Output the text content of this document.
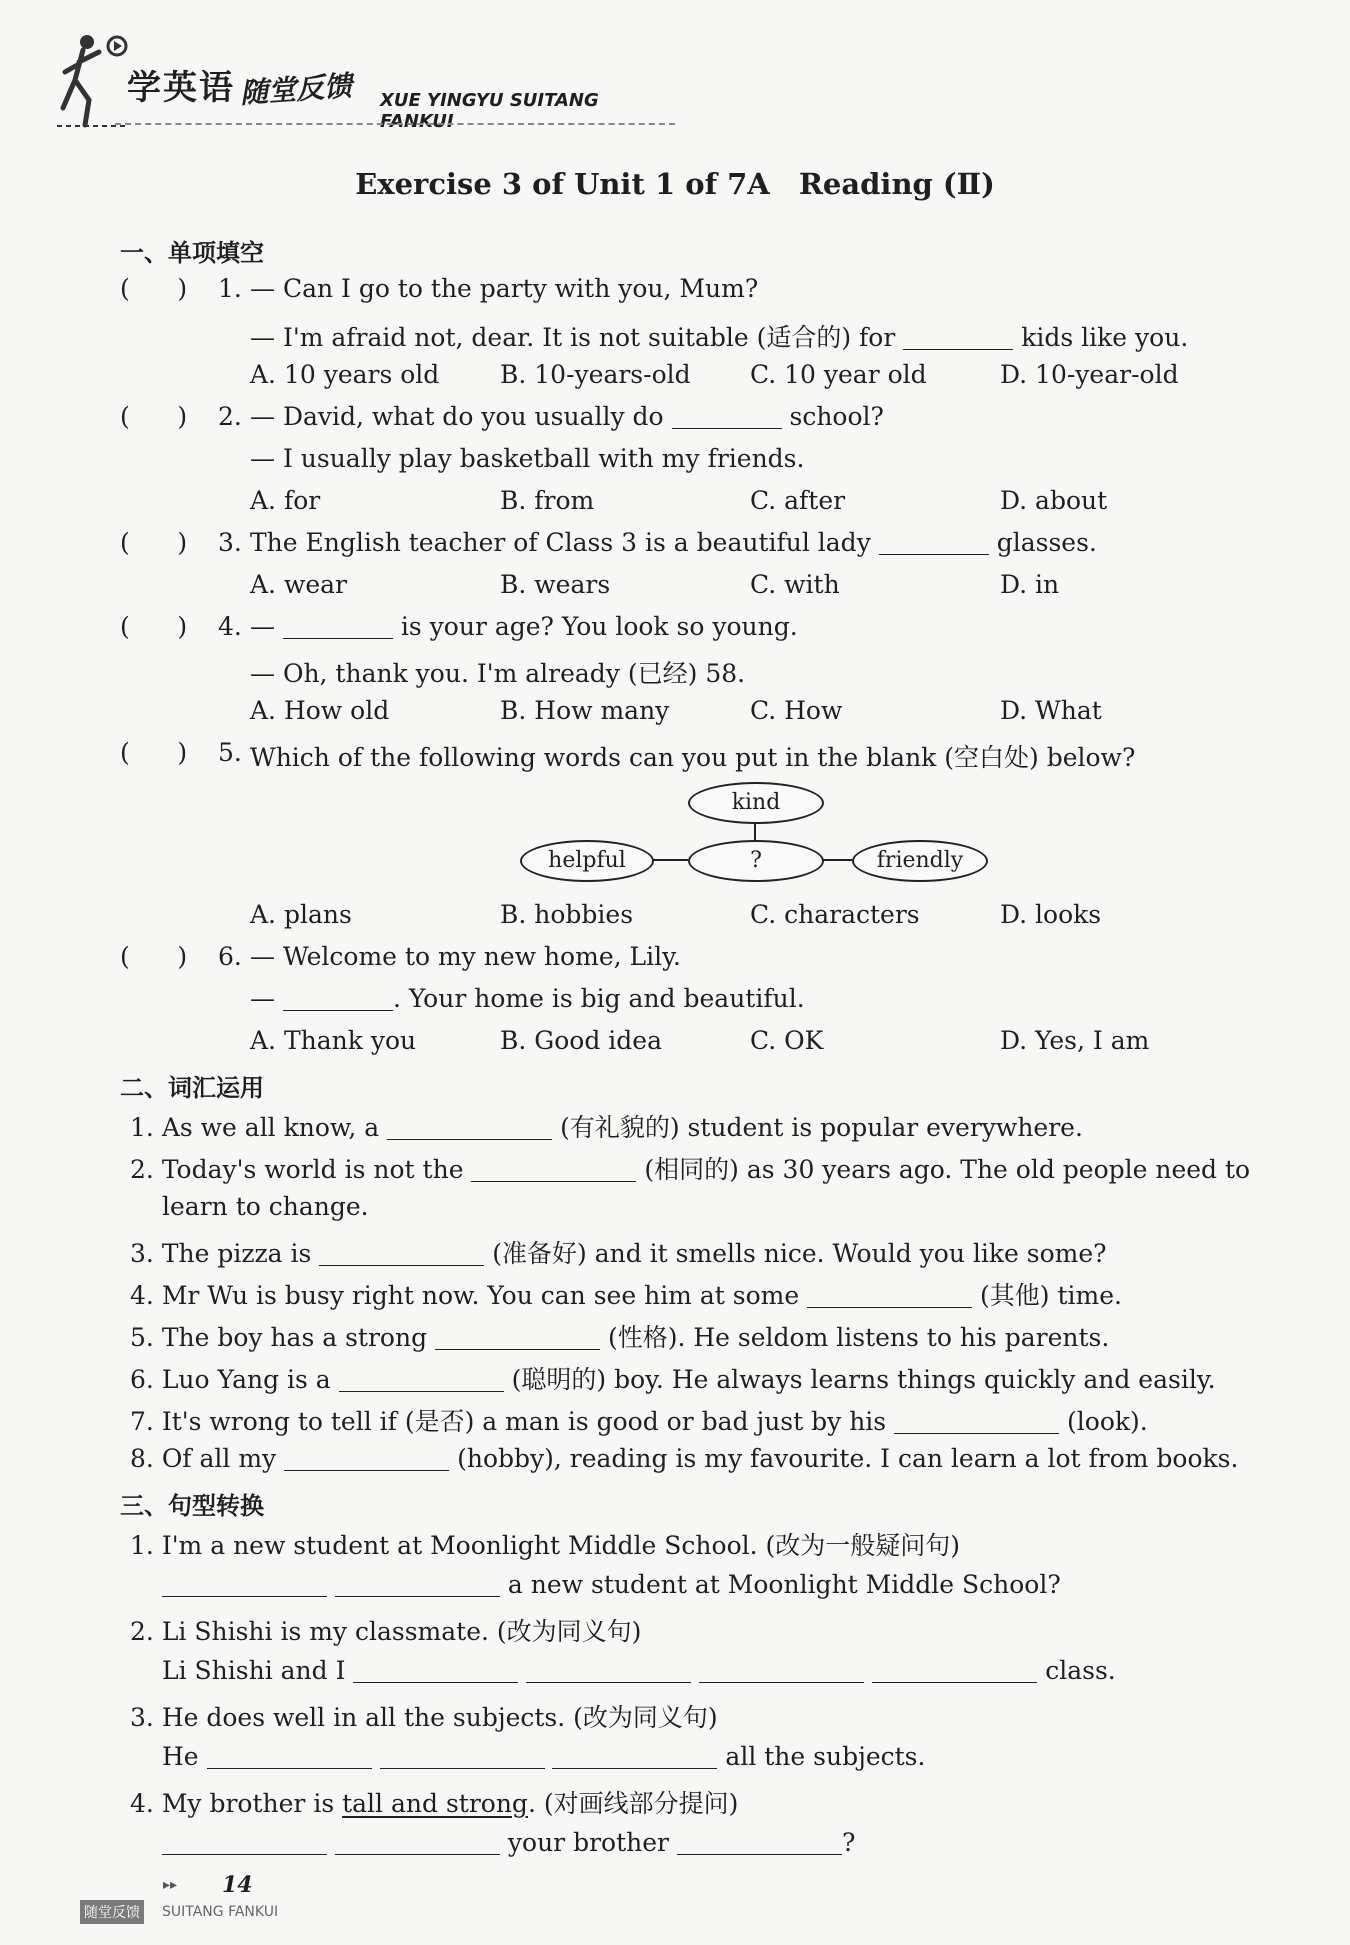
学英语 随堂反馈 XUE YINGYU SUITANG FANKUI
Exercise 3 of Unit 1 of 7A　Reading (Ⅱ)
一、单项填空
(      ) 1. — Can I go to the party with you, Mum?
— I'm afraid not, dear. It is not suitable (适合的) for	kids like you.
A. 10 years old B. 10-years-old C. 10 year old	D. 10-year-old
(      ) 2. — David, what do you usually do	school?
— I usually play basketball with my friends.
A. for	B. from	C. after	D. about
(      ) 3. The English teacher of Class 3 is a beautiful lady	glasses.
A. wear	B. wears	C. with	D. in
(      ) 4. —	is your age? You look so young.
— Oh, thank you. I'm already (已经) 58.
A. How old	B. How many	C. How	D. What
(      ) 5. Which of the following words can you put in the blank (空白处) below?
kind
helpful	?	friendly
A. plans	B. hobbies	C. characters	D. looks
(      ) 6. — Welcome to my new home, Lily.
—	. Your home is big and beautiful.
A. Thank you	B. Good idea	C. OK	D. Yes, I am
二、词汇运用
1. As we all know, a	(有礼貌的) student is popular everywhere.
2. Today's world is not the	(相同的) as 30 years ago. The old people need to
learn to change.
3. The pizza is	(准备好) and it smells nice. Would you like some?
4. Mr Wu is busy right now. You can see him at some	(其他) time.
5. The boy has a strong	(性格). He seldom listens to his parents.
6. Luo Yang is a	(聪明的) boy. He always learns things quickly and easily.
7. It's wrong to tell if (是否) a man is good or bad just by his	(look).
8. Of all my	(hobby), reading is my favourite. I can learn a lot from books.
三、句型转换
1. I'm a new student at Moonlight Middle School. (改为一般疑问句)
a new student at Moonlight Middle School?
2. Li Shishi is my classmate. (改为同义句)
Li Shishi and I	class.
3. He does well in all the subjects. (改为同义句)
He	all the subjects.
4. My brother is tall and strong. (对画线部分提问)
your brother	?
▸▸ 14
随堂反馈 SUITANG FANKUI
